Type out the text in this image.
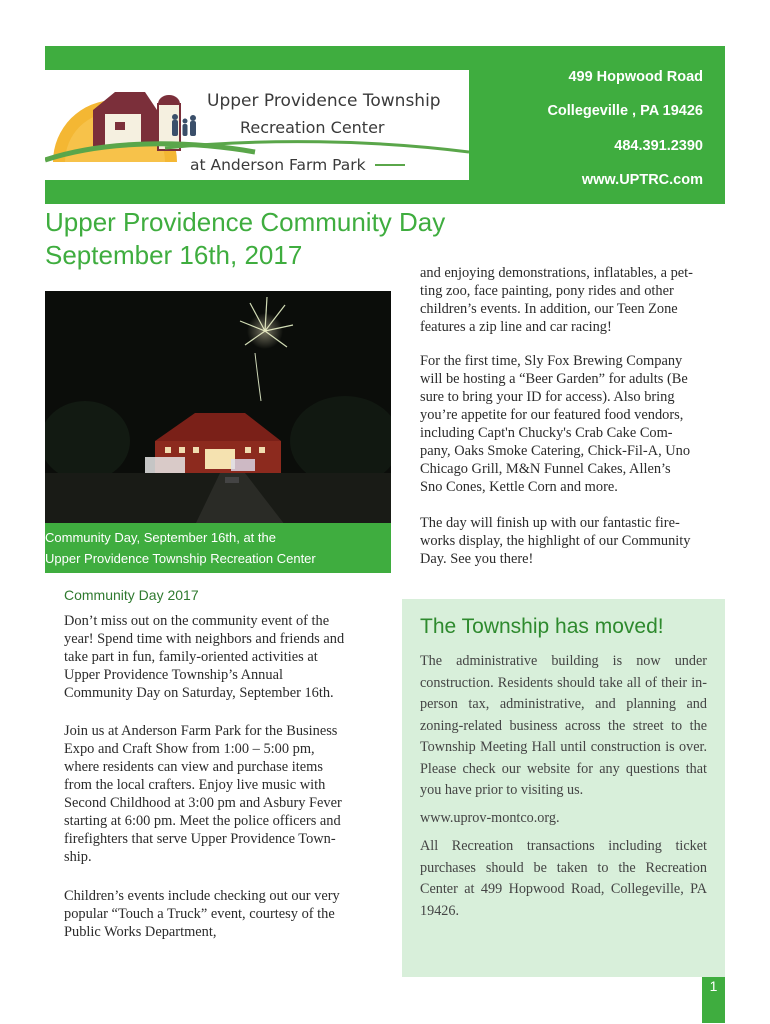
499 Hopwood Road
Collegeville , PA 19426
484.391.2390
www.UPTRC.com
Upper Providence Township
Recreation Center
at Anderson Farm Park
Upper Providence Community Day
September 16th, 2017
Community Day, September 16th, at the
Upper Providence Township Recreation Center
Community Day 2017
Don’t miss out on the community event of the
year! Spend time with neighbors and friends and
take part in fun, family-oriented activities at
Upper Providence Township’s Annual
Community Day on Saturday, September 16th.
Join us at Anderson Farm Park for the Business
Expo and Craft Show from 1:00 – 5:00 pm,
where residents can view and purchase items
from the local crafters. Enjoy live music with
Second Childhood at 3:00 pm and Asbury Fever
starting at 6:00 pm. Meet the police officers and
firefighters that serve Upper Providence Town-
ship.
Children’s events include checking out our very
popular “Touch a Truck” event, courtesy of the
Public Works Department,
and enjoying demonstrations, inflatables, a pet-
ting zoo, face painting, pony rides and other
children’s events. In addition, our Teen Zone
features a zip line and car racing!
For the first time, Sly Fox Brewing Company
will be hosting a “Beer Garden” for adults (Be
sure to bring your ID for access). Also bring
you’re appetite for our featured food vendors,
including Capt'n Chucky's Crab Cake Com-
pany, Oaks Smoke Catering, Chick-Fil-A, Uno
Chicago Grill, M&N Funnel Cakes, Allen’s
Sno Cones, Kettle Corn and more.
The day will finish up with our fantastic fire-
works display, the highlight of our Community
Day. See you there!
The Township has moved!
The administrative building is now under construction. Residents should take all of their in-person tax, administrative, and planning and zoning-related business across the street to the Township Meeting Hall until construction is over. Please check our website for any questions that you have prior to visiting us.
www.uprov-montco.org.
All Recreation transactions including ticket purchases should be taken to the Recreation Center at 499 Hopwood Road, Collegeville, PA 19426.
1
